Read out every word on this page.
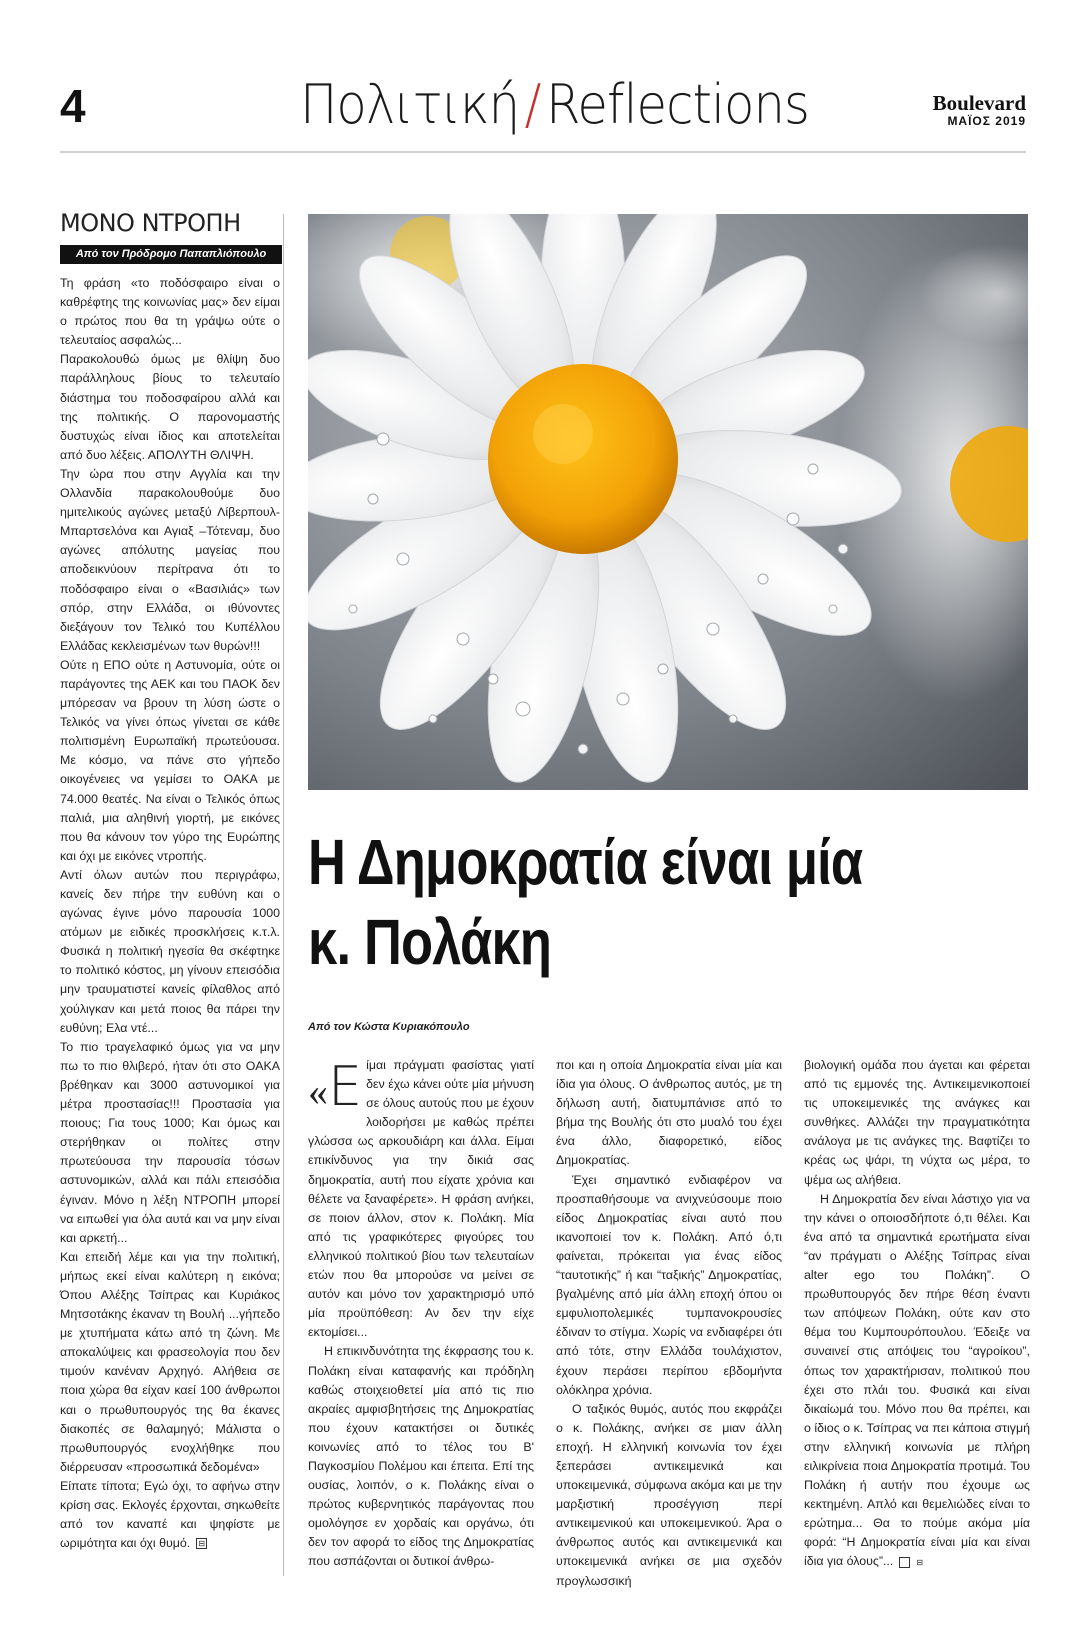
4	Πολιτική / Reflections	Boulevard
ΜΑΪΟΣ 2019
ΜΟΝΟ ΝΤΡΟΠΗ
Από τον Πρόδρομο Παπαπλιόπουλο

Τη φράση «το ποδόσφαιρο είναι ο καθρέφτης της κοινωνίας μας» δεν είμαι ο πρώτος που θα τη γράψω ούτε ο τελευταίος ασφαλώς...

Παρακολουθώ όμως με θλίψη δυο παράλληλους βίους το τελευταίο διάστημα του ποδοσφαίρου αλλά και της πολιτικής. Ο παρονομαστής δυστυχώς είναι ίδιος και αποτελείται από δυο λέξεις. ΑΠΟΛΥΤΗ ΘΛΙΨΗ.

Την ώρα που στην Αγγλία και την Ολλανδία παρακολουθούμε δυο ημιτελικούς αγώνες μεταξύ Λίβερπουλ-Μπαρτσελόνα και Αγιαξ –Τότεναμ, δυο αγώνες απόλυτης μαγείας που αποδεικνύουν περίτρανα ότι το ποδόσφαιρο είναι ο «Βασιλιάς» των σπόρ, στην Ελλάδα, οι ιθύνοντες διεξάγουν τον Τελικό του Κυπέλλου Ελλάδας κεκλεισμένων των θυρών!!!

Ούτε η ΕΠΟ ούτε η Αστυνομία, ούτε οι παράγοντες της ΑΕΚ και του ΠΑΟΚ δεν μπόρεσαν να βρουν τη λύση ώστε ο Τελικός να γίνει όπως γίνεται σε κάθε πολιτισμένη Ευρωπαϊκή πρωτεύουσα. Με κόσμο, να πάνε στο γήπεδο οικογένειες να γεμίσει το ΟΑΚΑ με 74.000 θεατές. Να είναι ο Τελικός όπως παλιά, μια αληθινή γιορτή, με εικόνες που θα κάνουν τον γύρο της Ευρώπης και όχι με εικόνες ντροπής.

Αντί όλων αυτών που περιγράφω, κανείς δεν πήρε την ευθύνη και ο αγώνας έγινε μόνο παρουσία 1000 ατόμων με ειδικές προσκλήσεις κ.τ.λ. Φυσικά η πολιτική ηγεσία θα σκέφτηκε το πολιτικό κόστος, μη γίνουν επεισόδια μην τραυματιστεί κανείς φίλαθλος από χούλιγκαν και μετά ποιος θα πάρει την ευθύνη; Ελα ντέ...

Το πιο τραγελαφικό όμως για να μην πω το πιο θλιβερό, ήταν ότι στο ΟΑΚΑ βρέθηκαν και 3000 αστυνομικοί για μέτρα προστασίας!!! Προστασία για ποιους; Για τους 1000; Και όμως και στερήθηκαν οι πολίτες στην πρωτεύουσα την παρουσία τόσων αστυνομικών, αλλά και πάλι επεισόδια έγιναν. Μόνο η λέξη ΝΤΡΟΠΗ μπορεί να ειπωθεί για όλα αυτά και να μην είναι και αρκετή...

Και επειδή λέμε και για την πολιτική, μήπως εκεί είναι καλύτερη η εικόνα; Όπου Αλέξης Τσίπρας και Κυριάκος Μητσοτάκης έκαναν τη Βουλή ...γήπεδο με χτυπήματα κάτω από τη ζώνη. Με αποκαλύψεις και φρασεολογία που δεν τιμούν κανέναν Αρχηγό. Αλήθεια σε ποια χώρα θα είχαν καεί 100 άνθρωποι και ο πρωθυπουργός της θα έκανες διακοπές σε θαλαμηγό; Μάλιστα ο πρωθυπουργός ενοχλήθηκε που διέρρευσαν «προσωπικά δεδομένα»

Είπατε τίποτα; Εγώ όχι, το αφήνω στην κρίση σας. Εκλογές έρχονται, σηκωθείτε από τον καναπέ και ψηφίστε με ωριμότητα και όχι θυμό. ⊟

Η Δημοκρατία είναι μία
κ. Πολάκη
Από τον Κώστα Κυριακόπουλο
« Ε ίμαι πράγματι φασίστας γιατί δεν έχω κάνει ούτε μία μήνυση σε όλους αυτούς που με έχουν λοιδορήσει με καθώς πρέπει γλώσσα ως αρκουδιάρη και άλλα. Είμαι επικίνδυνος για την δικιά σας δημοκρατία, αυτή που είχατε χρόνια και θέλετε να ξαναφέρετε». Η φράση ανήκει, σε ποιον άλλον, στον κ. Πολάκη. Μία από τις γραφικότερες φιγούρες του ελληνικού πολιτικού βίου των τελευταίων ετών που θα μπορούσε να μείνει σε αυτόν και μόνο τον χαρακτηρισμό υπό μία προϋπόθεση: Αν δεν την είχε εκτομίσει...

Η επικινδυνότητα της έκφρασης του κ. Πολάκη είναι καταφανής και πρόδηλη καθώς στοιχειοθετεί μία από τις πιο ακραίες αμφισβητήσεις της Δημοκρατίας που έχουν κατακτήσει οι δυτικές κοινωνίες από το τέλος του Β' Παγκοσμίου Πολέμου και έπειτα. Επί της ουσίας, λοιπόν, ο κ. Πολάκης είναι ο πρώτος κυβερνητικός παράγοντας που ομολόγησε εν χορδαίς και οργάνω, ότι δεν τον αφορά το είδος της Δημοκρατίας που ασπάζονται οι δυτικοί άνθρω-

ποι και η οποία Δημοκρατία είναι μία και ίδια για όλους. Ο άνθρωπος αυτός, με τη δήλωση αυτή, διατυμπάνισε από το βήμα της Βουλής ότι στο μυαλό του έχει ένα άλλο, διαφορετικό, είδος Δημοκρατίας.

Έχει σημαντικό ενδιαφέρον να προσπαθήσουμε να ανιχνεύσουμε ποιο είδος Δημοκρατίας είναι αυτό που ικανοποιεί τον κ. Πολάκη. Από ό,τι φαίνεται, πρόκειται για ένας είδος “ταυτοτικής” ή και “ταξικής” Δημοκρατίας, βγαλμένης από μία άλλη εποχή όπου οι εμφυλιοπολεμικές τυμπανοκρουσίες έδιναν το στίγμα. Χωρίς να ενδιαφέρει ότι από τότε, στην Ελλάδα τουλάχιστον, έχουν περάσει περίπου εβδομήντα ολόκληρα χρόνια.

Ο ταξικός θυμός, αυτός που εκφράζει ο κ. Πολάκης, ανήκει σε μιαν άλλη εποχή. Η ελληνική κοινωνία τον έχει ξεπεράσει αντικειμενικά και υποκειμενικά, σύμφωνα ακόμα και με την μαρξιστική προσέγγιση περί αντικειμενικού και υποκειμενικού. Άρα ο άνθρωπος αυτός και αντικειμενικά και υποκειμενικά ανήκει σε μια σχεδόν προγλωσσική

βιολογική ομάδα που άγεται και φέρεται από τις εμμονές της. Αντικειμενικοποιεί τις υποκειμενικές της ανάγκες και συνθήκες. Αλλάζει την πραγματικότητα ανάλογα με τις ανάγκες της. Βαφτίζει το κρέας ως ψάρι, τη νύχτα ως μέρα, το ψέμα ως αλήθεια.

Η Δημοκρατία δεν είναι λάστιχο για να την κάνει ο οποιοσδήποτε ό,τι θέλει. Και ένα από τα σημαντικά ερωτήματα είναι “αν πράγματι ο Αλέξης Τσίπρας είναι alter ego του Πολάκη”. Ο πρωθυπουργός δεν πήρε θέση έναντι των απόψεων Πολάκη, ούτε καν στο θέμα του Κυμπουρόπουλου. Έδειξε να συναινεί στις απόψεις του “αγροίκου”, όπως τον χαρακτήρισαν, πολιτικού που έχει στο πλάι του. Φυσικά και είναι δικαίωμά του. Μόνο που θα πρέπει, και ο ίδιος ο κ. Τσίπρας να πει κάποια στιγμή στην ελληνική κοινωνία με πλήρη ειλικρίνεια ποια Δημοκρατία προτιμά. Του Πολάκη ή αυτήν που έχουμε ως κεκτημένη. Απλό και θεμελιώδες είναι το ερώτημα... Θα το πούμε ακόμα μία φορά: “Η Δημοκρατία είναι μία και είναι ίδια για όλους”...	⊟
